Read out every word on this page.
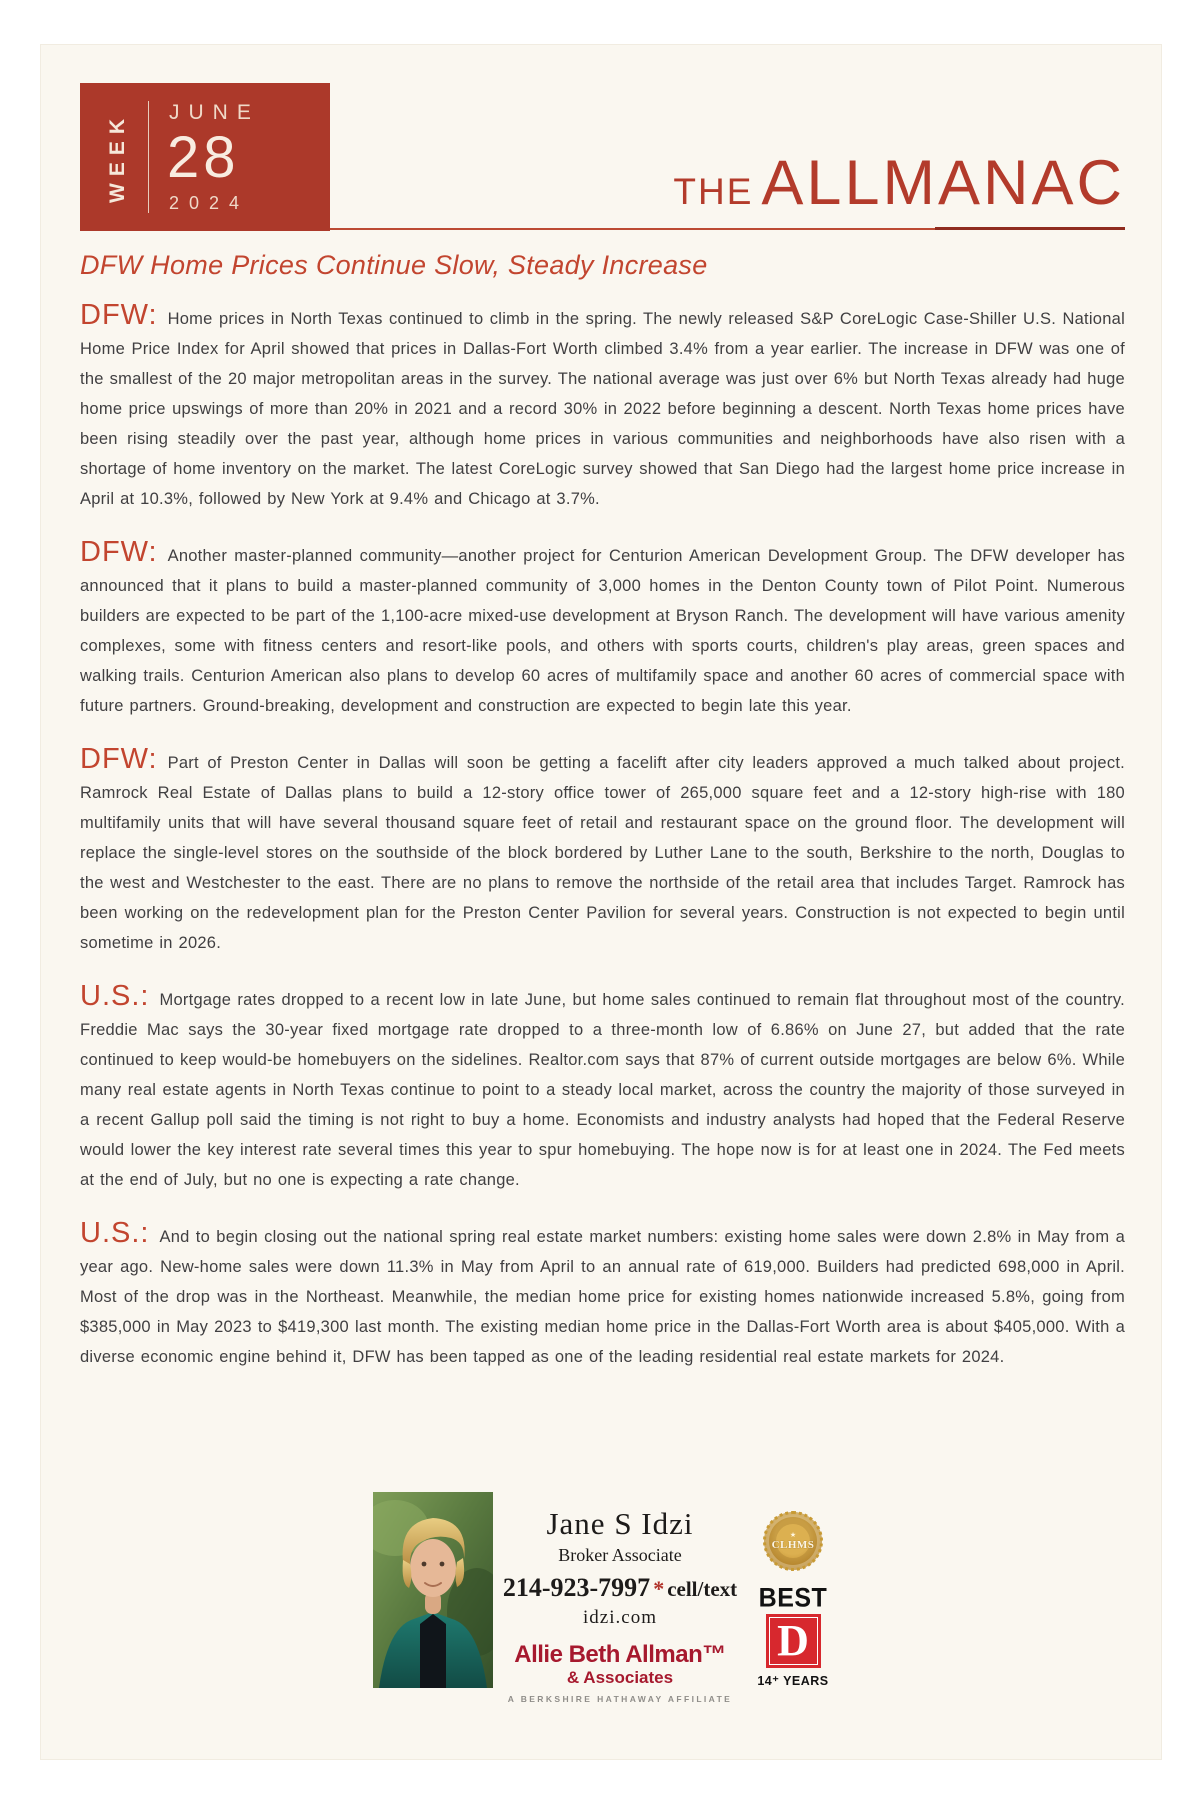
WEEK JUNE
28
2024	THE ALLMANAC
DFW Home Prices Continue Slow, Steady Increase

DFW: Home prices in North Texas continued to climb in the spring. The newly released S&P CoreLogic Case-Shiller U.S. National Home Price Index for April showed that prices in Dallas-Fort Worth climbed 3.4% from a year earlier. The increase in DFW was one of the smallest of the 20 major metropolitan areas in the survey. The national average was just over 6% but North Texas already had huge home price upswings of more than 20% in 2021 and a record 30% in 2022 before beginning a descent. North Texas home prices have been rising steadily over the past year, although home prices in various communities and neighborhoods have also risen with a shortage of home inventory on the market. The latest CoreLogic survey showed that San Diego had the largest home price increase in April at 10.3%, followed by New York at 9.4% and Chicago at 3.7%.

DFW: Another master-planned community—another project for Centurion American Development Group. The DFW developer has announced that it plans to build a master-planned community of 3,000 homes in the Denton County town of Pilot Point. Numerous builders are expected to be part of the 1,100-acre mixed-use development at Bryson Ranch. The development will have various amenity complexes, some with fitness centers and resort-like pools, and others with sports courts, children's play areas, green spaces and walking trails. Centurion American also plans to develop 60 acres of multifamily space and another 60 acres of commercial space with future partners. Ground-breaking, development and construction are expected to begin late this year.

DFW: Part of Preston Center in Dallas will soon be getting a facelift after city leaders approved a much talked about project. Ramrock Real Estate of Dallas plans to build a 12-story office tower of 265,000 square feet and a 12-story high-rise with 180 multifamily units that will have several thousand square feet of retail and restaurant space on the ground floor. The development will replace the single-level stores on the southside of the block bordered by Luther Lane to the south, Berkshire to the north, Douglas to the west and Westchester to the east. There are no plans to remove the northside of the retail area that includes Target. Ramrock has been working on the redevelopment plan for the Preston Center Pavilion for several years. Construction is not expected to begin until sometime in 2026.

U.S.: Mortgage rates dropped to a recent low in late June, but home sales continued to remain flat throughout most of the country. Freddie Mac says the 30-year fixed mortgage rate dropped to a three-month low of 6.86% on June 27, but added that the rate continued to keep would-be homebuyers on the sidelines. Realtor.com says that 87% of current outside mortgages are below 6%. While many real estate agents in North Texas continue to point to a steady local market, across the country the majority of those surveyed in a recent Gallup poll said the timing is not right to buy a home. Economists and industry analysts had hoped that the Federal Reserve would lower the key interest rate several times this year to spur homebuying. The hope now is for at least one in 2024. The Fed meets at the end of July, but no one is expecting a rate change.

U.S.: And to begin closing out the national spring real estate market numbers: existing home sales were down 2.8% in May from a year ago. New-home sales were down 11.3% in May from April to an annual rate of 619,000. Builders had predicted 698,000 in April. Most of the drop was in the Northeast. Meanwhile, the median home price for existing homes nationwide increased 5.8%, going from $385,000 in May 2023 to $419,300 last month. The existing median home price in the Dallas-Fort Worth area is about $405,000. With a diverse economic engine behind it, DFW has been tapped as one of the leading residential real estate markets for 2024.

Jane S Idzi
Broker Associate
214-923-7997 * cell/text
idzi.com
Allie Beth Allman™
& Associates
A BERKSHIRE HATHAWAY AFFILIATE
★
CLHMS
BEST
D
14⁺ YEARS
